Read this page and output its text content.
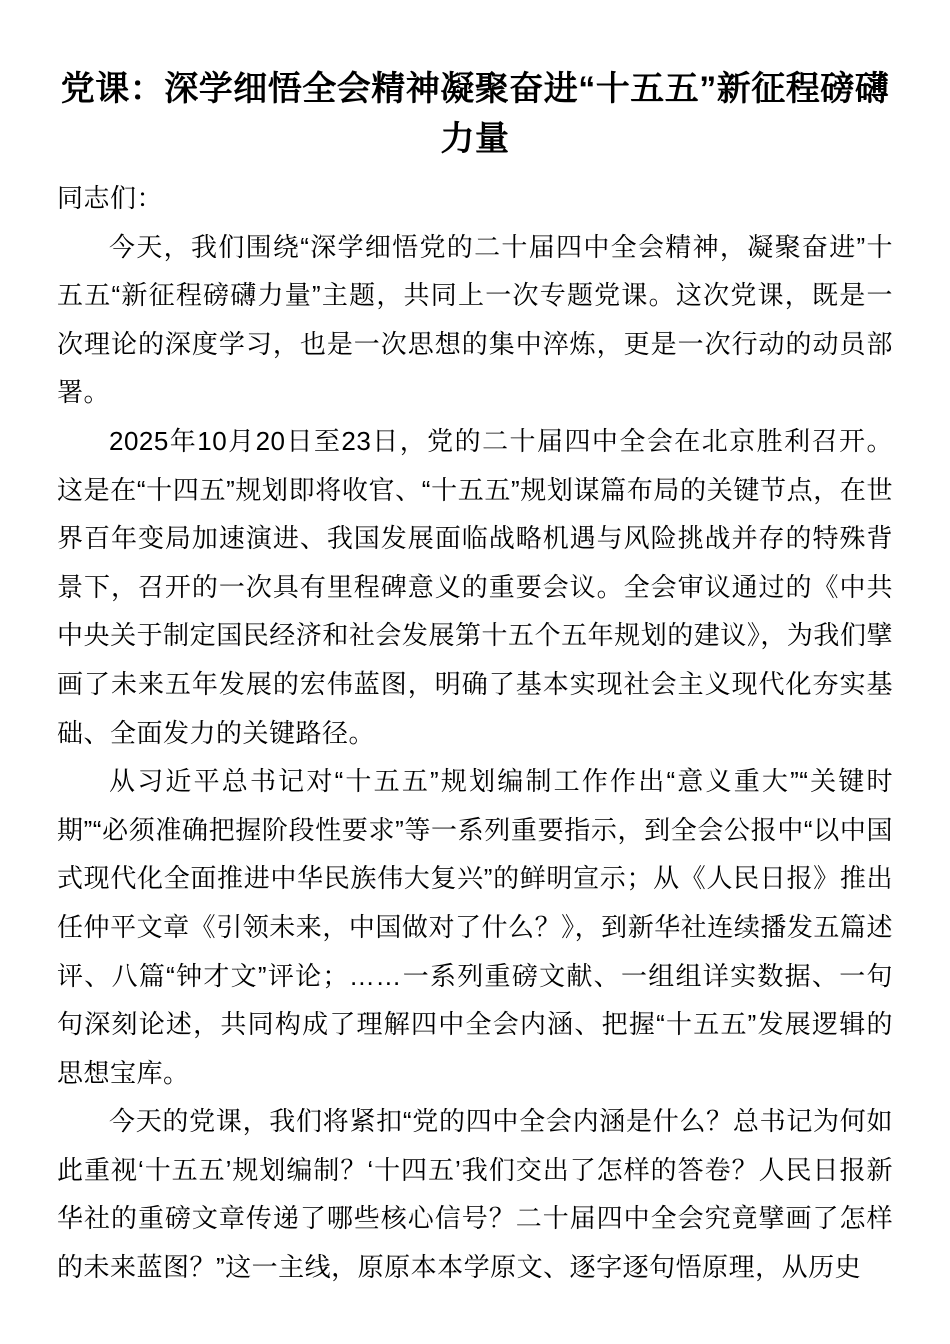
党课：深学细悟全会精神凝聚奋进“十五五”新征程磅礴力量

同志们：

今天，我们围绕“深学细悟党的二十届四中全会精神，凝聚奋进”十五五“新征程磅礴力量”主题，共同上一次专题党课。这次党课，既是一次理论的深度学习，也是一次思想的集中淬炼，更是一次行动的动员部署。

2025年10月20日至23日，党的二十届四中全会在北京胜利召开。这是在“十四五”规划即将收官、“十五五”规划谋篇布局的关键节点，在世界百年变局加速演进、我国发展面临战略机遇与风险挑战并存的特殊背景下，召开的一次具有里程碑意义的重要会议。全会审议通过的《中共中央关于制定国民经济和社会发展第十五个五年规划的建议》，为我们擘画了未来五年发展的宏伟蓝图，明确了基本实现社会主义现代化夯实基础、全面发力的关键路径。

从习近平总书记对“十五五”规划编制工作作出“意义重大”“关键时期”“必须准确把握阶段性要求”等一系列重要指示，到全会公报中“以中国式现代化全面推进中华民族伟大复兴”的鲜明宣示；从《人民日报》推出任仲平文章《引领未来，中国做对了什么？》，到新华社连续播发五篇述评、八篇“钟才文”评论；……一系列重磅文献、一组组详实数据、一句句深刻论述，共同构成了理解四中全会内涵、把握“十五五”发展逻辑的思想宝库。

今天的党课，我们将紧扣“党的四中全会内涵是什么？总书记为何如此重视‘十五五’规划编制？‘十四五’我们交出了怎样的答卷？人民日报新华社的重磅文章传递了哪些核心信号？二十届四中全会究竟擘画了怎样的未来蓝图？”这一主线，原原本本学原文、逐字逐句悟原理，从历史
